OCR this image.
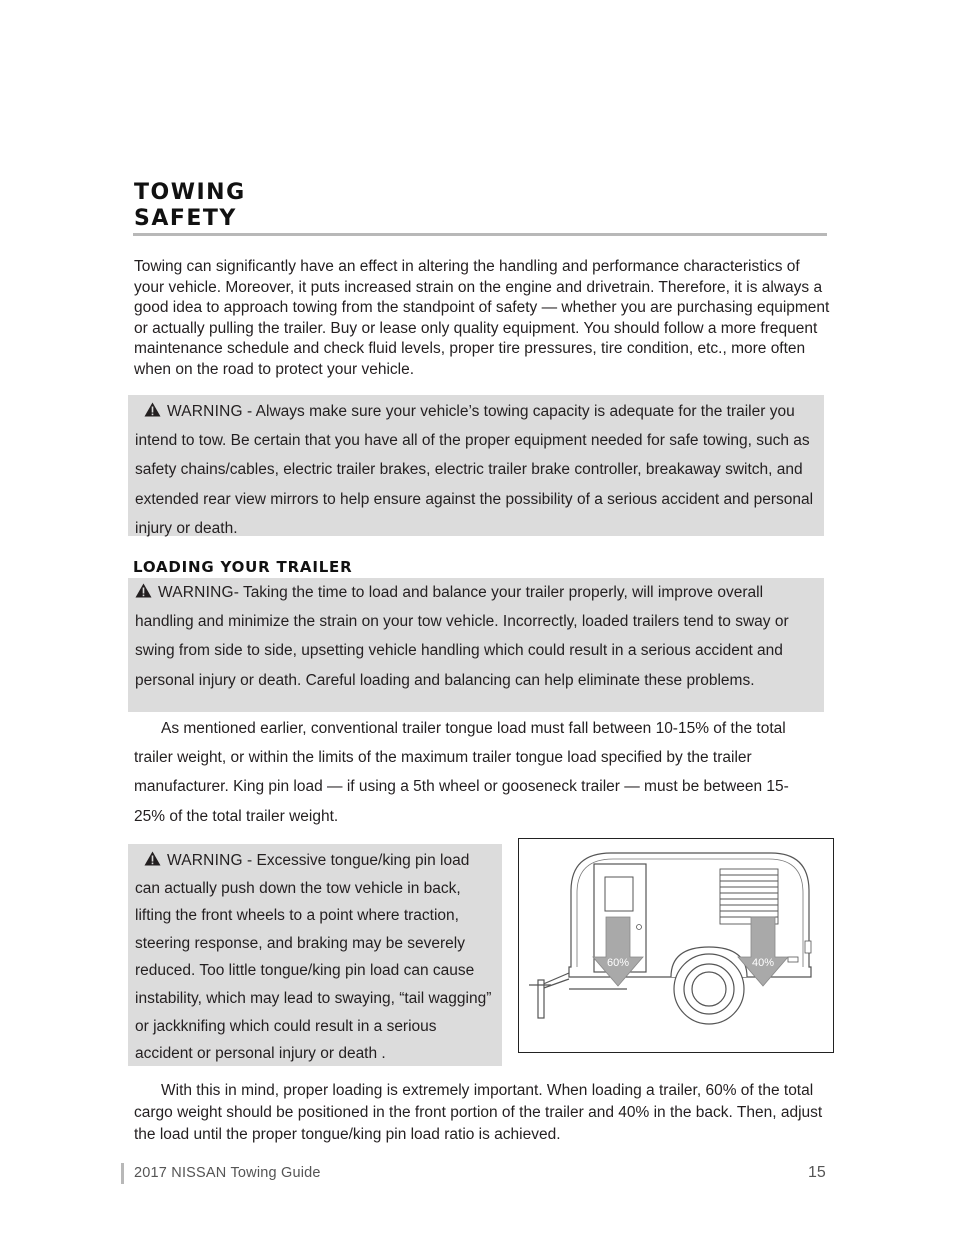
TOWING
SAFETY

Towing can significantly have an effect in altering the handling and performance characteristics of your vehicle. Moreover, it puts increased strain on the engine and drivetrain. Therefore, it is always a good idea to approach towing from the standpoint of safety — whether you are purchasing equipment or actually pulling the trailer. Buy or lease only quality equipment. You should follow a more frequent maintenance schedule and check fluid levels, proper tire pressures, tire condition, etc., more often when on the road to protect your vehicle.

WARNING - Always make sure your vehicle’s towing capacity is adequate for the trailer you intend to tow. Be certain that you have all of the proper equipment needed for safe towing, such as safety chains/cables, electric trailer brakes, electric trailer brake controller, breakaway switch, and extended rear view mirrors to help ensure against the possibility of a serious accident and personal injury or death.
LOADING YOUR TRAILER
WARNING- Taking the time to load and balance your trailer properly, will improve overall handling and minimize the strain on your tow vehicle. Incorrectly, loaded trailers tend to sway or swing from side to side, upsetting vehicle handling which could result in a serious accident and personal injury or death. Careful loading and balancing can help eliminate these problems.

As mentioned earlier, conventional trailer tongue load must fall between 10-15% of the total trailer weight, or within the limits of the maximum trailer tongue load specified by the trailer manufacturer. King pin load — if using a 5th wheel or gooseneck trailer — must be between 15-25% of the total trailer weight.

WARNING - Excessive tongue/king pin load can actually push down the tow vehicle in back, lifting the front wheels to a point where traction, steering response, and braking may be severely reduced. Too little tongue/king pin load can cause instability, which may lead to swaying, “tail wagging” or jackknifing which could result in a serious accident or personal injury or death .
60%	40%

With this in mind, proper loading is extremely important. When loading a trailer, 60% of the total cargo weight should be positioned in the front portion of the trailer and 40% in the back. Then, adjust the load until the proper tongue/king pin load ratio is achieved.

2017 NISSAN Towing Guide	15
